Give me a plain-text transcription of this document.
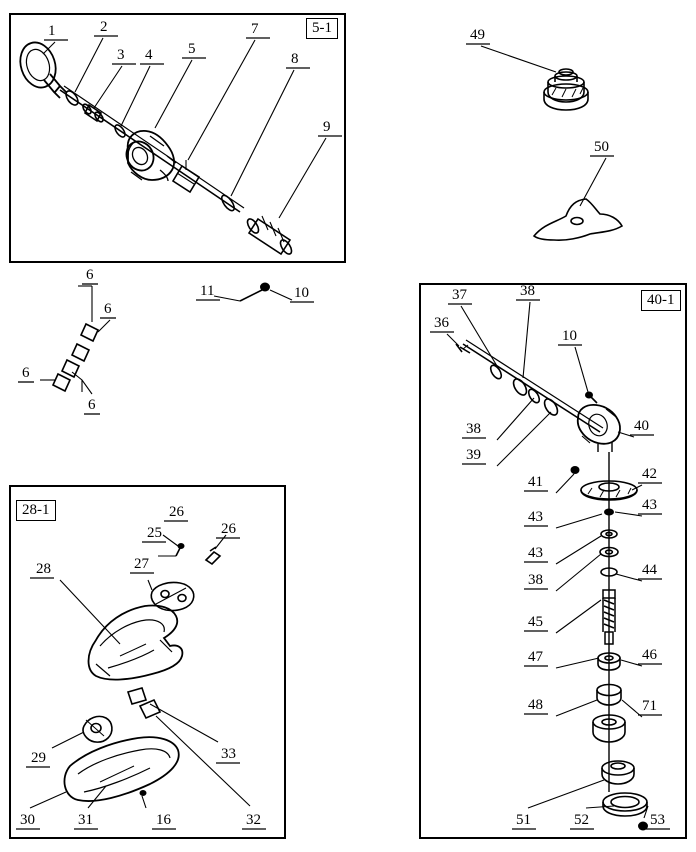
5-1
28-1
40-1
1	2
3 4 5
7
8
9
6
6
6
6
11	10
49
50
25
26
26
27
28
29
30	31	16	32
33
36
37	38
10
38
39
40
41	42
43
43
43
38
44
45
47	46
48	71
51	52	53
